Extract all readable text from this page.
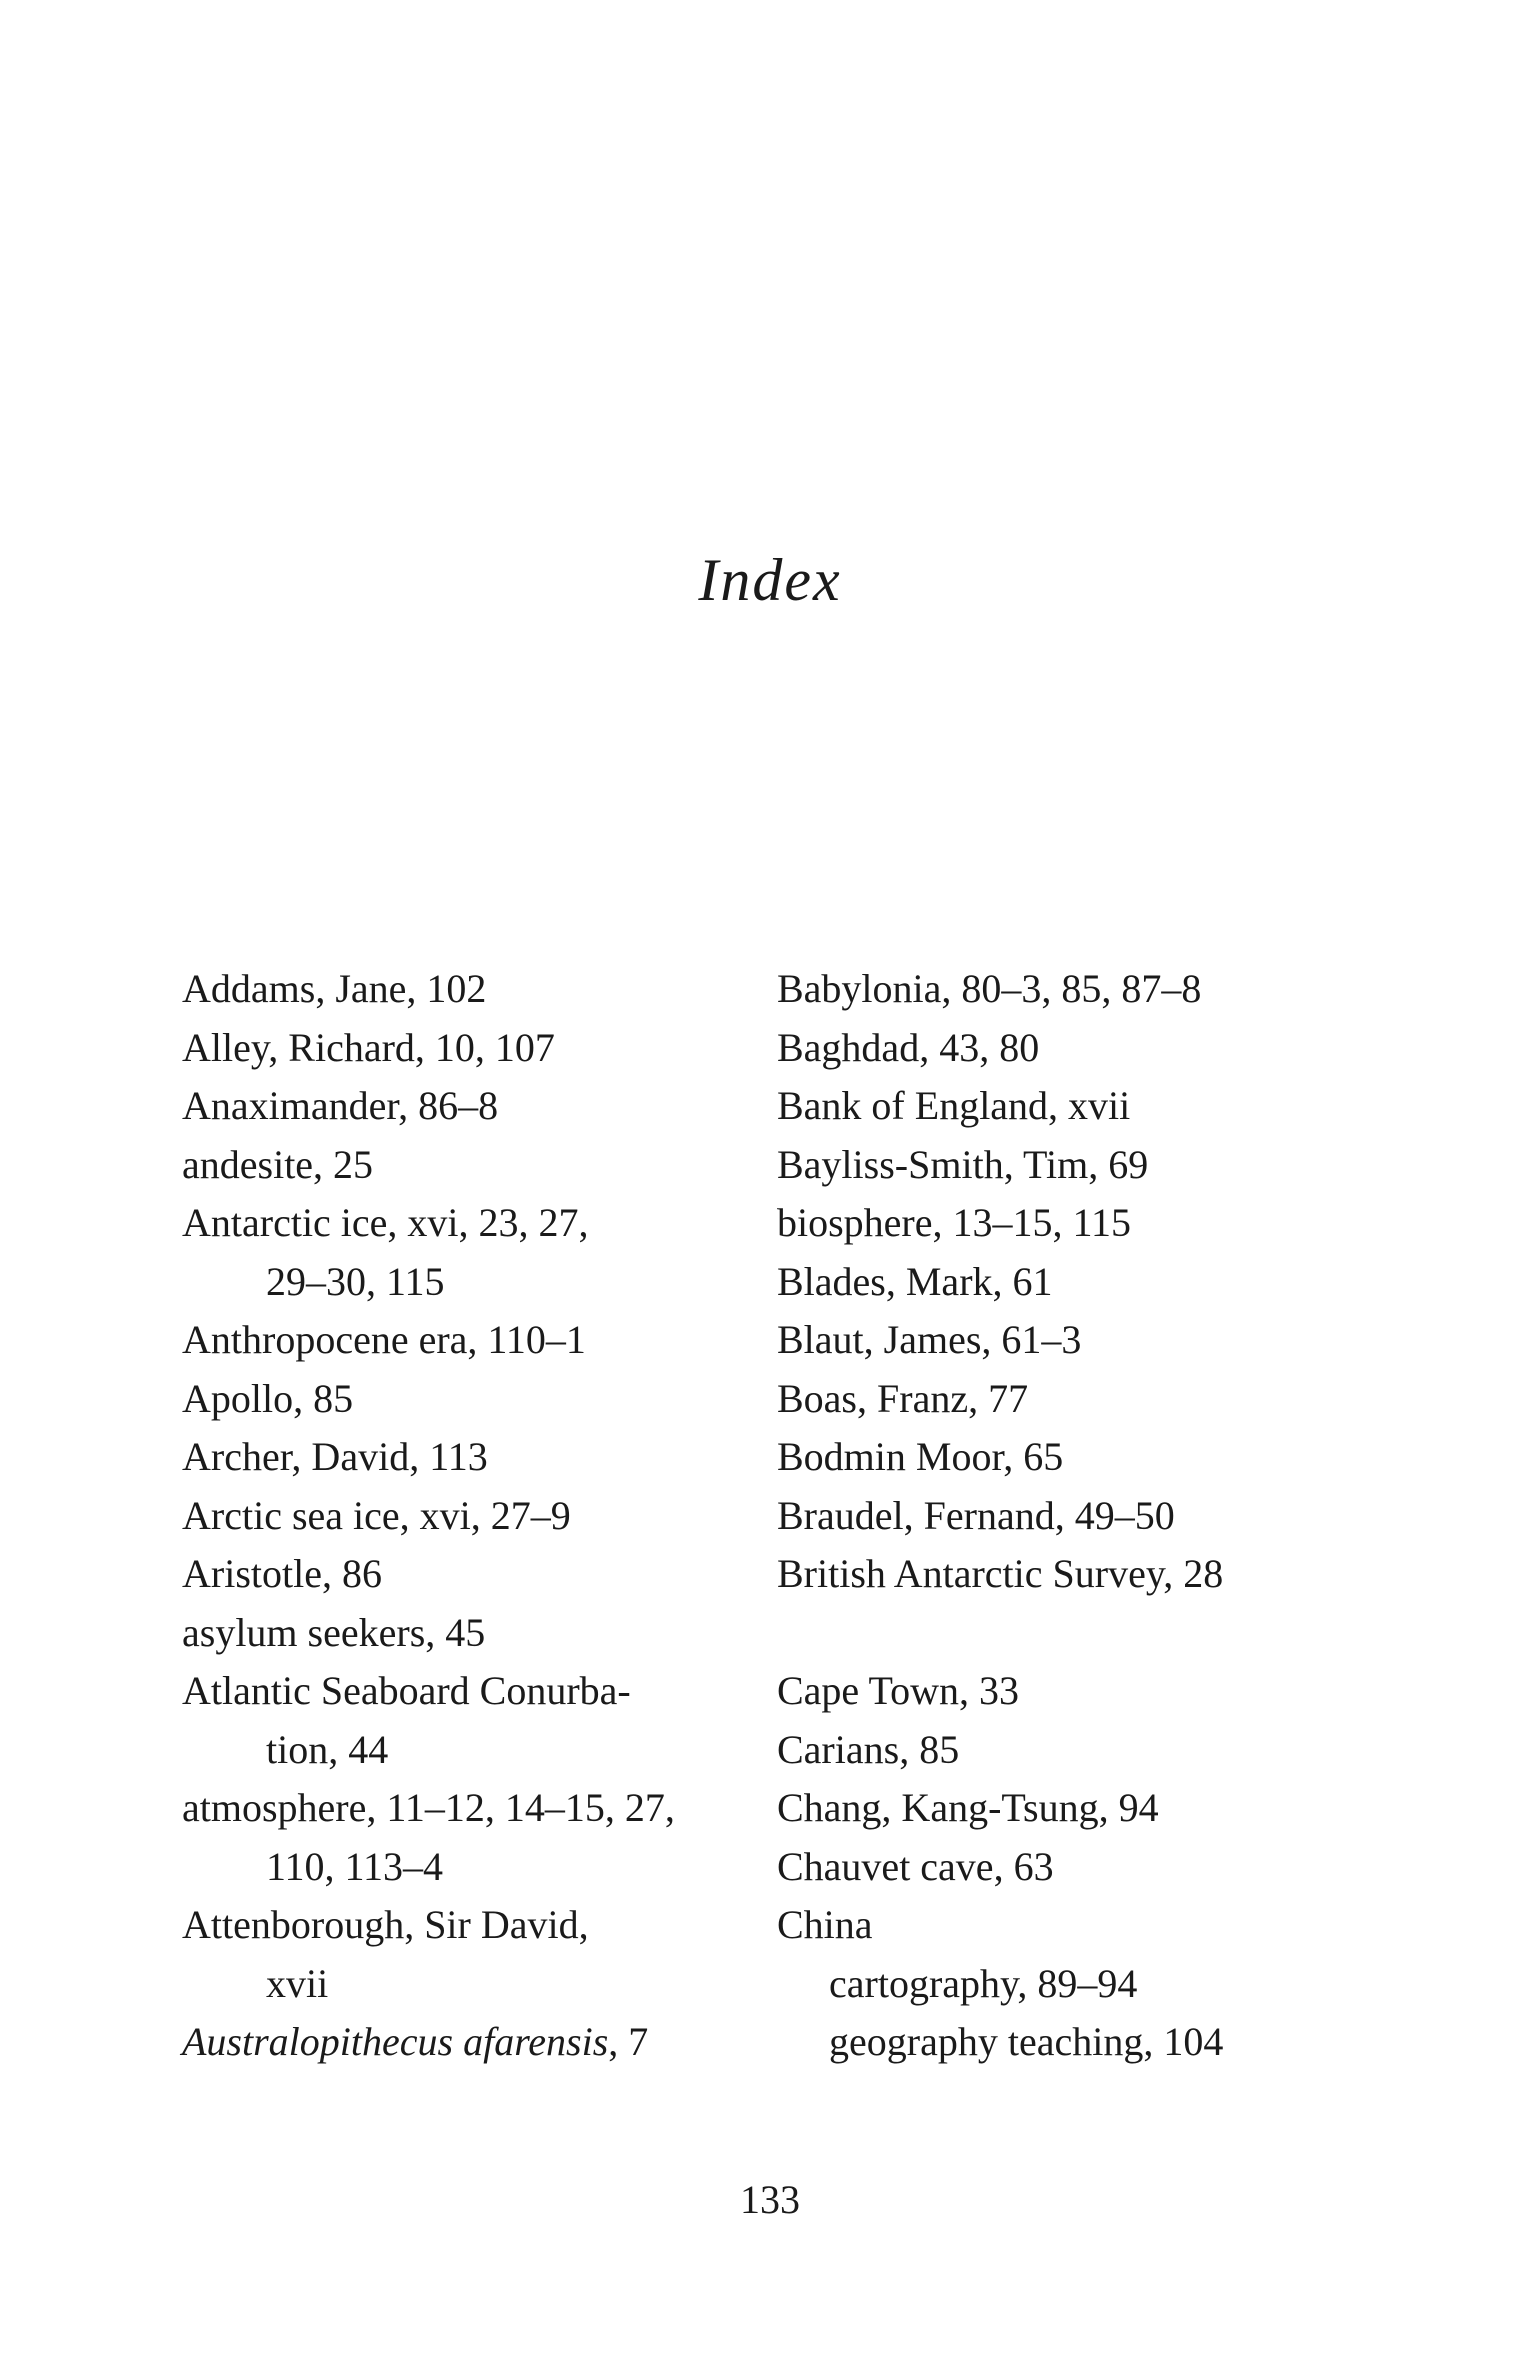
Index
Addams, Jane, 102
Alley, Richard, 10, 107
Anaximander, 86–8
andesite, 25
Antarctic ice, xvi, 23, 27,
29–30, 115
Anthropocene era, 110–1
Apollo, 85
Archer, David, 113
Arctic sea ice, xvi, 27–9
Aristotle, 86
asylum seekers, 45
Atlantic Seaboard Conurba-
tion, 44
atmosphere, 11–12, 14–15, 27,
110, 113–4
Attenborough, Sir David,
xvii
Australopithecus afarensis, 7
Babylonia, 80–3, 85, 87–8
Baghdad, 43, 80
Bank of England, xvii
Bayliss-Smith, Tim, 69
biosphere, 13–15, 115
Blades, Mark, 61
Blaut, James, 61–3
Boas, Franz, 77
Bodmin Moor, 65
Braudel, Fernand, 49–50
British Antarctic Survey, 28
Cape Town, 33
Carians, 85
Chang, Kang-Tsung, 94
Chauvet cave, 63
China
cartography, 89–94
geography teaching, 104
133
